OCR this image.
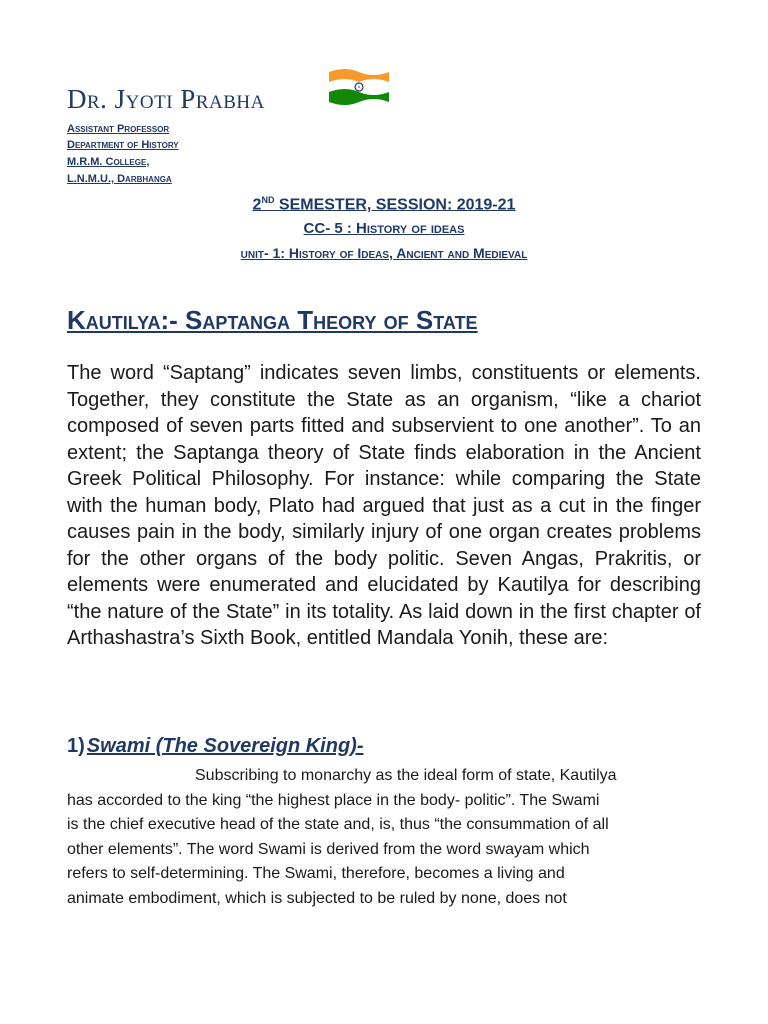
Dr. Jyoti Prabha
Assistant Professor
Department of History
M.R.M. College,
L.N.M.U., Darbhanga
2ND SEMESTER, SESSION: 2019-21
CC- 5 : History of ideas
unit- 1: History of Ideas, Ancient and Medieval
Kautilya:- Saptanga Theory of State
The word “Saptang” indicates seven limbs, constituents or elements. Together, they constitute the State as an organism, “like a chariot composed of seven parts fitted and subservient to one another”. To an extent; the Saptanga theory of State finds elaboration in the Ancient Greek Political Philosophy. For instance: while comparing the State with the human body, Plato had argued that just as a cut in the finger causes pain in the body, similarly injury of one organ creates problems for the other organs of the body politic. Seven Angas, Prakritis, or elements were enumerated and elucidated by Kautilya for describing “the nature of the State” in its totality. As laid down in the first chapter of Arthashastra’s Sixth Book, entitled Mandala Yonih, these are:
1) Swami (The Sovereign King)-
Subscribing to monarchy as the ideal form of state, Kautilya
has accorded to the king “the highest place in the body- politic”. The Swami
is the chief executive head of the state and, is, thus “the consummation of all
other elements”. The word Swami is derived from the word swayam which
refers to self-determining. The Swami, therefore, becomes a living and
animate embodiment, which is subjected to be ruled by none, does not
